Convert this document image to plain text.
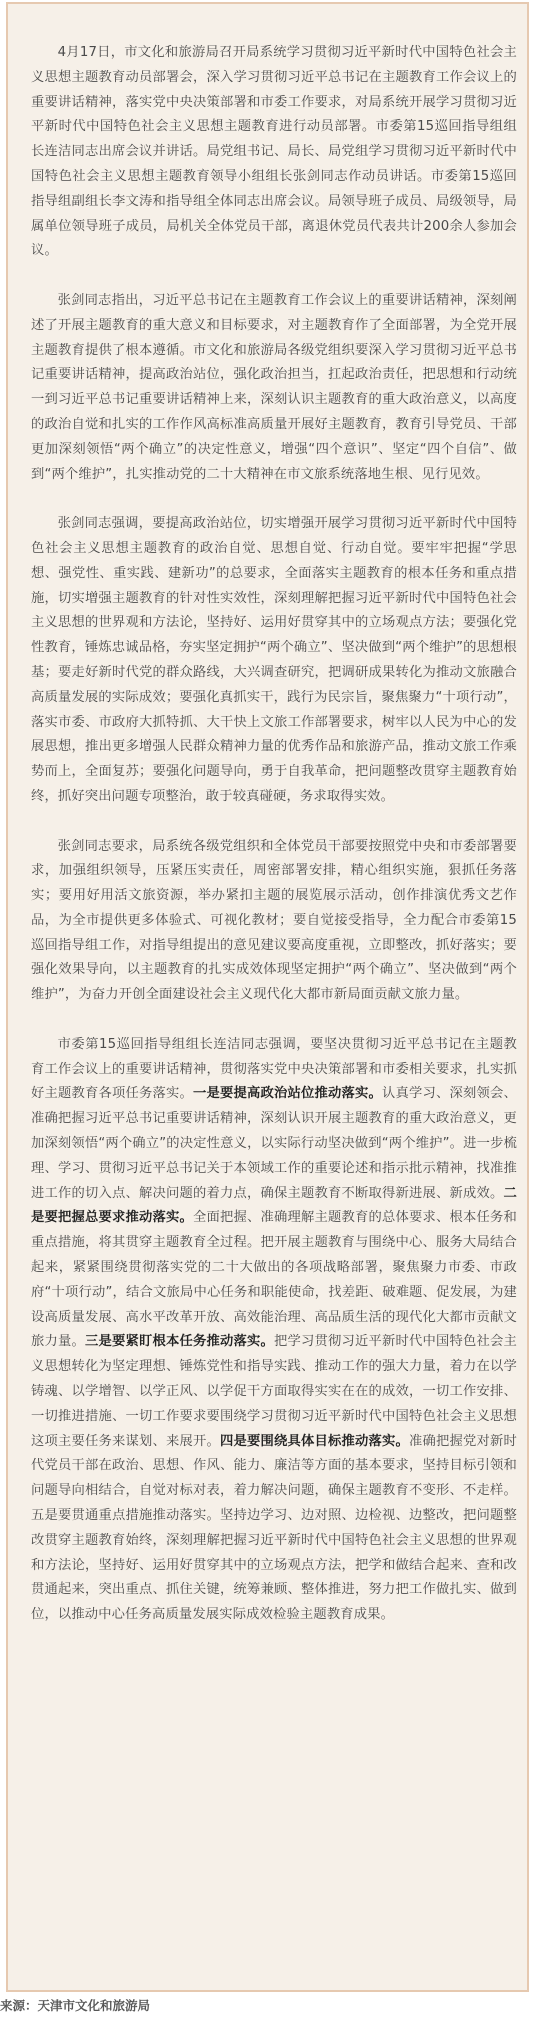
4月17日，市文化和旅游局召开局系统学习贯彻习近平新时代中国特色社会主义思想主题教育动员部署会，深入学习贯彻习近平总书记在主题教育工作会议上的重要讲话精神，落实党中央决策部署和市委工作要求，对局系统开展学习贯彻习近平新时代中国特色社会主义思想主题教育进行动员部署。市委第15巡回指导组组长连洁同志出席会议并讲话。局党组书记、局长、局党组学习贯彻习近平新时代中国特色社会主义思想主题教育领导小组组长张剑同志作动员讲话。市委第15巡回指导组副组长李文涛和指导组全体同志出席会议。局领导班子成员、局级领导，局属单位领导班子成员，局机关全体党员干部，离退休党员代表共计200余人参加会议。

张剑同志指出，习近平总书记在主题教育工作会议上的重要讲话精神，深刻阐述了开展主题教育的重大意义和目标要求，对主题教育作了全面部署，为全党开展主题教育提供了根本遵循。市文化和旅游局各级党组织要深入学习贯彻习近平总书记重要讲话精神，提高政治站位，强化政治担当，扛起政治责任，把思想和行动统一到习近平总书记重要讲话精神上来，深刻认识主题教育的重大政治意义，以高度的政治自觉和扎实的工作作风高标准高质量开展好主题教育，教育引导党员、干部更加深刻领悟“两个确立”的决定性意义，增强“四个意识”、坚定“四个自信”、做到“两个维护”，扎实推动党的二十大精神在市文旅系统落地生根、见行见效。

张剑同志强调，要提高政治站位，切实增强开展学习贯彻习近平新时代中国特色社会主义思想主题教育的政治自觉、思想自觉、行动自觉。要牢牢把握“学思想、强党性、重实践、建新功”的总要求，全面落实主题教育的根本任务和重点措施，切实增强主题教育的针对性实效性，深刻理解把握习近平新时代中国特色社会主义思想的世界观和方法论，坚持好、运用好贯穿其中的立场观点方法；要强化党性教育，锤炼忠诚品格，夯实坚定拥护“两个确立”、坚决做到“两个维护”的思想根基；要走好新时代党的群众路线，大兴调查研究，把调研成果转化为推动文旅融合高质量发展的实际成效；要强化真抓实干，践行为民宗旨，聚焦聚力“十项行动”，落实市委、市政府大抓特抓、大干快上文旅工作部署要求，树牢以人民为中心的发展思想，推出更多增强人民群众精神力量的优秀作品和旅游产品，推动文旅工作乘势而上，全面复苏；要强化问题导向，勇于自我革命，把问题整改贯穿主题教育始终，抓好突出问题专项整治，敢于较真碰硬，务求取得实效。

张剑同志要求，局系统各级党组织和全体党员干部要按照党中央和市委部署要求，加强组织领导，压紧压实责任，周密部署安排，精心组织实施，狠抓任务落实；要用好用活文旅资源，举办紧扣主题的展览展示活动，创作排演优秀文艺作品，为全市提供更多体验式、可视化教材；要自觉接受指导，全力配合市委第15巡回指导组工作，对指导组提出的意见建议要高度重视，立即整改，抓好落实；要强化效果导向，以主题教育的扎实成效体现坚定拥护“两个确立”、坚决做到“两个维护”，为奋力开创全面建设社会主义现代化大都市新局面贡献文旅力量。

市委第15巡回指导组组长连洁同志强调，要坚决贯彻习近平总书记在主题教育工作会议上的重要讲话精神，贯彻落实党中央决策部署和市委相关要求，扎实抓好主题教育各项任务落实。一是要提高政治站位推动落实。认真学习、深刻领会、准确把握习近平总书记重要讲话精神，深刻认识开展主题教育的重大政治意义，更加深刻领悟“两个确立”的决定性意义，以实际行动坚决做到“两个维护”。进一步梳理、学习、贯彻习近平总书记关于本领域工作的重要论述和指示批示精神，找准推进工作的切入点、解决问题的着力点，确保主题教育不断取得新进展、新成效。二是要把握总要求推动落实。全面把握、准确理解主题教育的总体要求、根本任务和重点措施，将其贯穿主题教育全过程。把开展主题教育与围绕中心、服务大局结合起来，紧紧围绕贯彻落实党的二十大做出的各项战略部署，聚焦聚力市委、市政府“十项行动”，结合文旅局中心任务和职能使命，找差距、破难题、促发展，为建设高质量发展、高水平改革开放、高效能治理、高品质生活的现代化大都市贡献文旅力量。三是要紧盯根本任务推动落实。把学习贯彻习近平新时代中国特色社会主义思想转化为坚定理想、锤炼党性和指导实践、推动工作的强大力量，着力在以学铸魂、以学增智、以学正风、以学促干方面取得实实在在的成效，一切工作安排、一切推进措施、一切工作要求要围绕学习贯彻习近平新时代中国特色社会主义思想这项主要任务来谋划、来展开。四是要围绕具体目标推动落实。准确把握党对新时代党员干部在政治、思想、作风、能力、廉洁等方面的基本要求，坚持目标引领和问题导向相结合，自觉对标对表，着力解决问题，确保主题教育不变形、不走样。五是要贯通重点措施推动落实。坚持边学习、边对照、边检视、边整改，把问题整改贯穿主题教育始终，深刻理解把握习近平新时代中国特色社会主义思想的世界观和方法论，坚持好、运用好贯穿其中的立场观点方法，把学和做结合起来、查和改贯通起来，突出重点、抓住关键，统筹兼顾、整体推进，努力把工作做扎实、做到位，以推动中心任务高质量发展实际成效检验主题教育成果。

来源：天津市文化和旅游局
